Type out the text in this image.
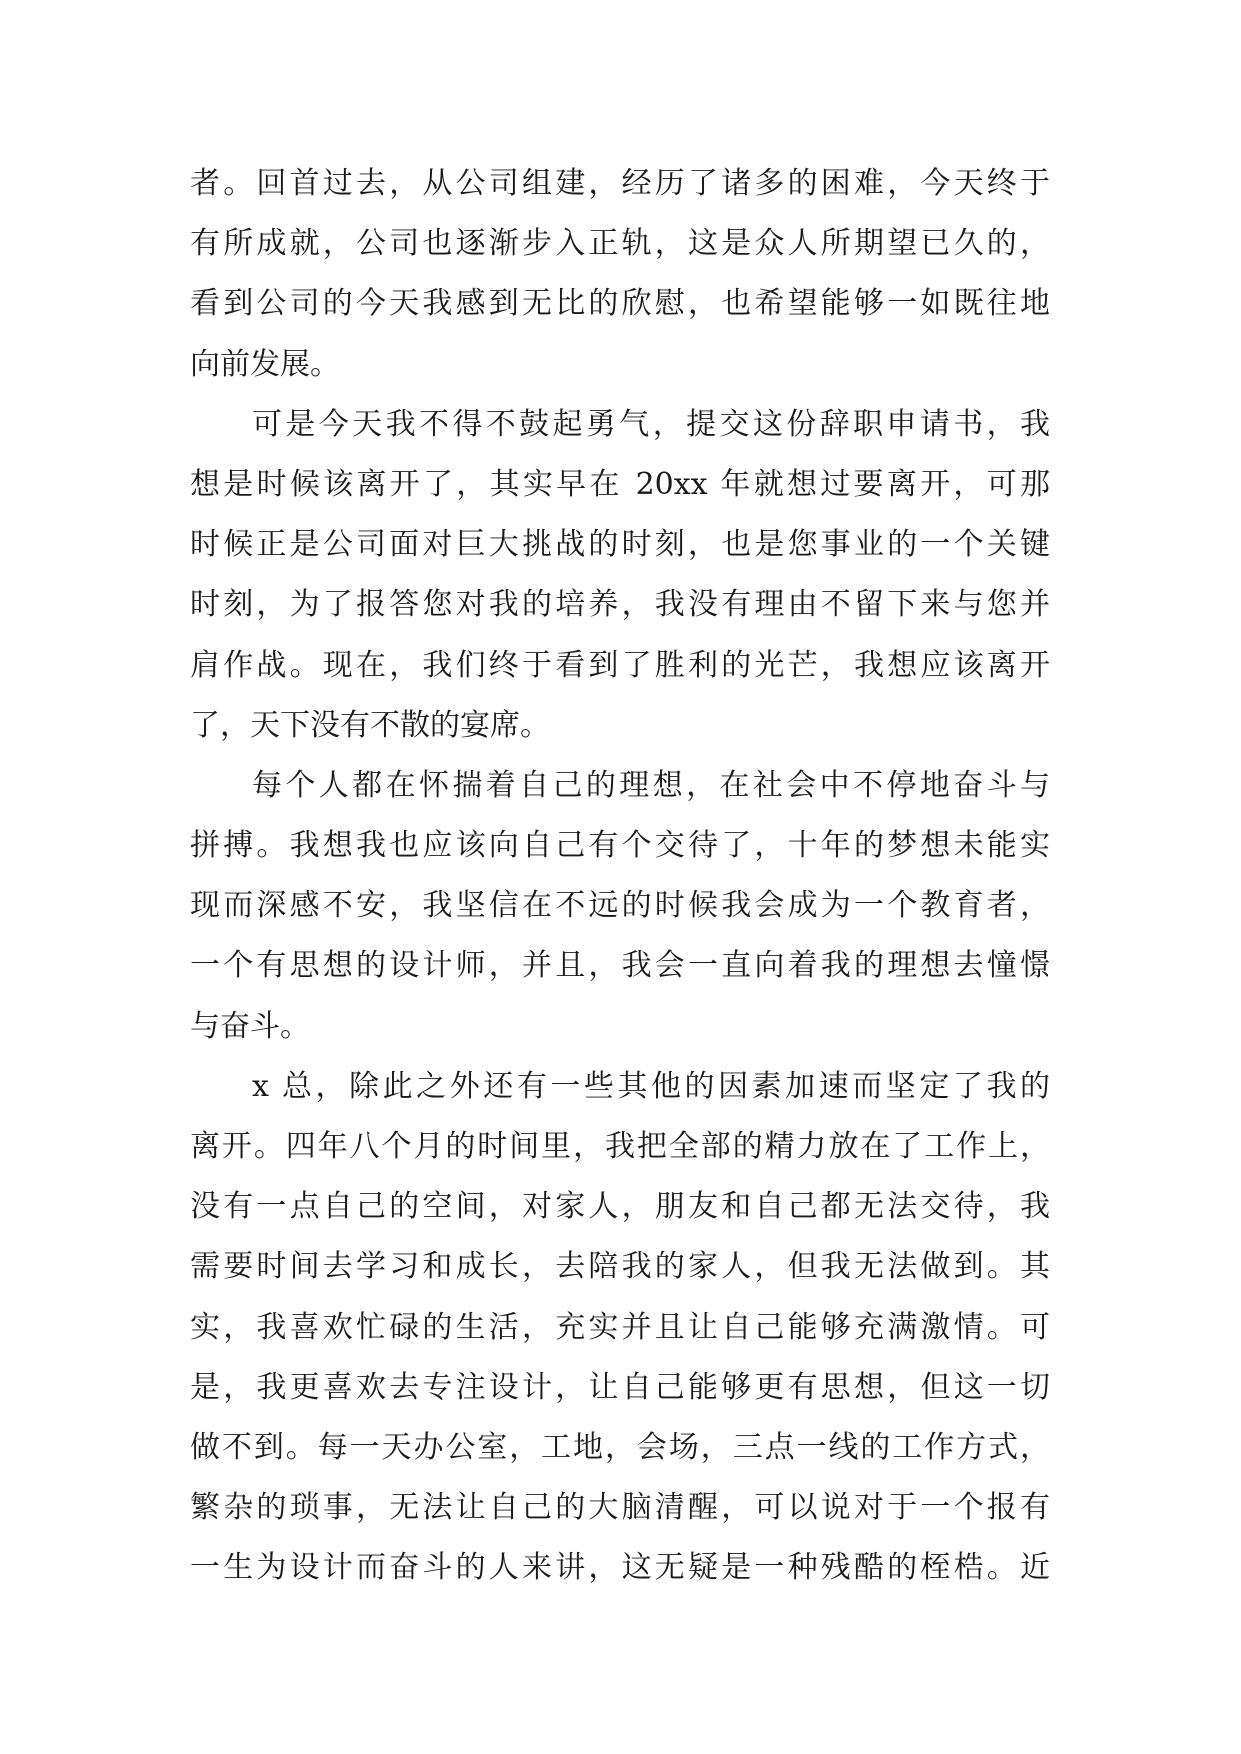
者。回首过去，从公司组建，经历了诸多的困难，今天终于
有所成就，公司也逐渐步入正轨，这是众人所期望已久的，
看到公司的今天我感到无比的欣慰，也希望能够一如既往地
向前发展。
可是今天我不得不鼓起勇气，提交这份辞职申请书，我
想是时候该离开了，其实早在 20xx 年就想过要离开，可那
时候正是公司面对巨大挑战的时刻，也是您事业的一个关键
时刻，为了报答您对我的培养，我没有理由不留下来与您并
肩作战。现在，我们终于看到了胜利的光芒，我想应该离开
了，天下没有不散的宴席。
每个人都在怀揣着自己的理想，在社会中不停地奋斗与
拼搏。我想我也应该向自己有个交待了，十年的梦想未能实
现而深感不安，我坚信在不远的时候我会成为一个教育者，
一个有思想的设计师，并且，我会一直向着我的理想去憧憬
与奋斗。
x 总，除此之外还有一些其他的因素加速而坚定了我的
离开。四年八个月的时间里，我把全部的精力放在了工作上，
没有一点自己的空间，对家人，朋友和自己都无法交待，我
需要时间去学习和成长，去陪我的家人，但我无法做到。其
实，我喜欢忙碌的生活，充实并且让自己能够充满激情。可
是，我更喜欢去专注设计，让自己能够更有思想，但这一切
做不到。每一天办公室，工地，会场，三点一线的工作方式，
繁杂的琐事，无法让自己的大脑清醒，可以说对于一个报有
一生为设计而奋斗的人来讲，这无疑是一种残酷的桎梏。近
